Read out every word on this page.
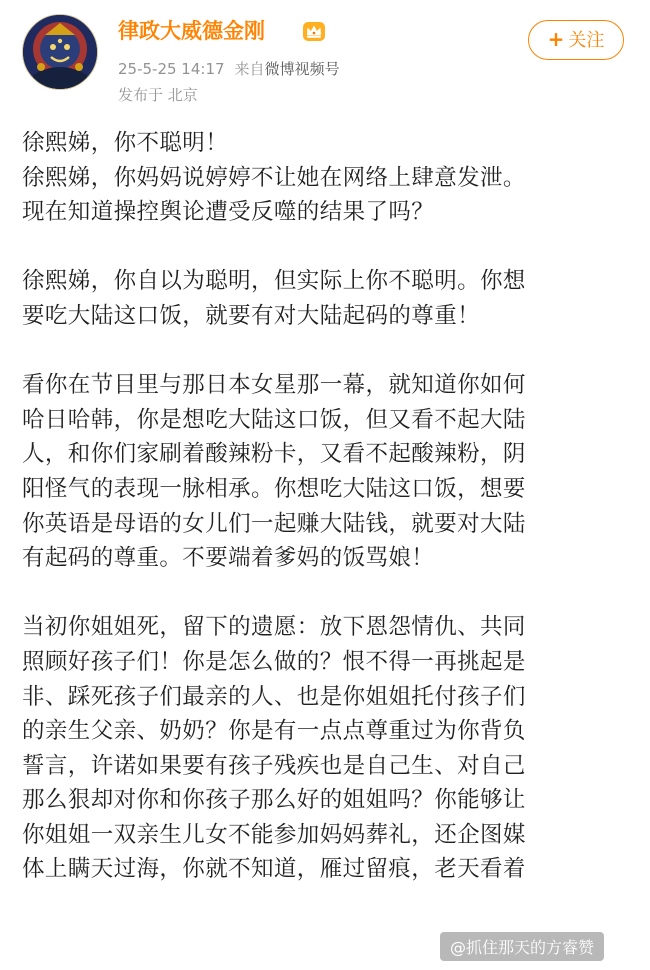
律政大威德金刚
25-5-25 14:17 来自微博视频号
发布于 北京
+ 关注

徐熙娣，你不聪明！
徐熙娣，你妈妈说婷婷不让她在网络上肆意发泄。
现在知道操控舆论遭受反噬的结果了吗？

徐熙娣，你自以为聪明，但实际上你不聪明。你想
要吃大陆这口饭，就要有对大陆起码的尊重！

看你在节目里与那日本女星那一幕，就知道你如何
哈日哈韩，你是想吃大陆这口饭，但又看不起大陆
人，和你们家刷着酸辣粉卡，又看不起酸辣粉，阴
阳怪气的表现一脉相承。你想吃大陆这口饭，想要
你英语是母语的女儿们一起赚大陆钱，就要对大陆
有起码的尊重。不要端着爹妈的饭骂娘！

当初你姐姐死，留下的遗愿：放下恩怨情仇、共同
照顾好孩子们！你是怎么做的？恨不得一再挑起是
非、踩死孩子们最亲的人、也是你姐姐托付孩子们
的亲生父亲、奶奶？你是有一点点尊重过为你背负
誓言，许诺如果要有孩子残疾也是自己生、对自己
那么狠却对你和你孩子那么好的姐姐吗？你能够让
你姐姐一双亲生儿女不能参加妈妈葬礼，还企图媒
体上瞒天过海，你就不知道，雁过留痕，老天看着

@抓住那天的方睿赞
